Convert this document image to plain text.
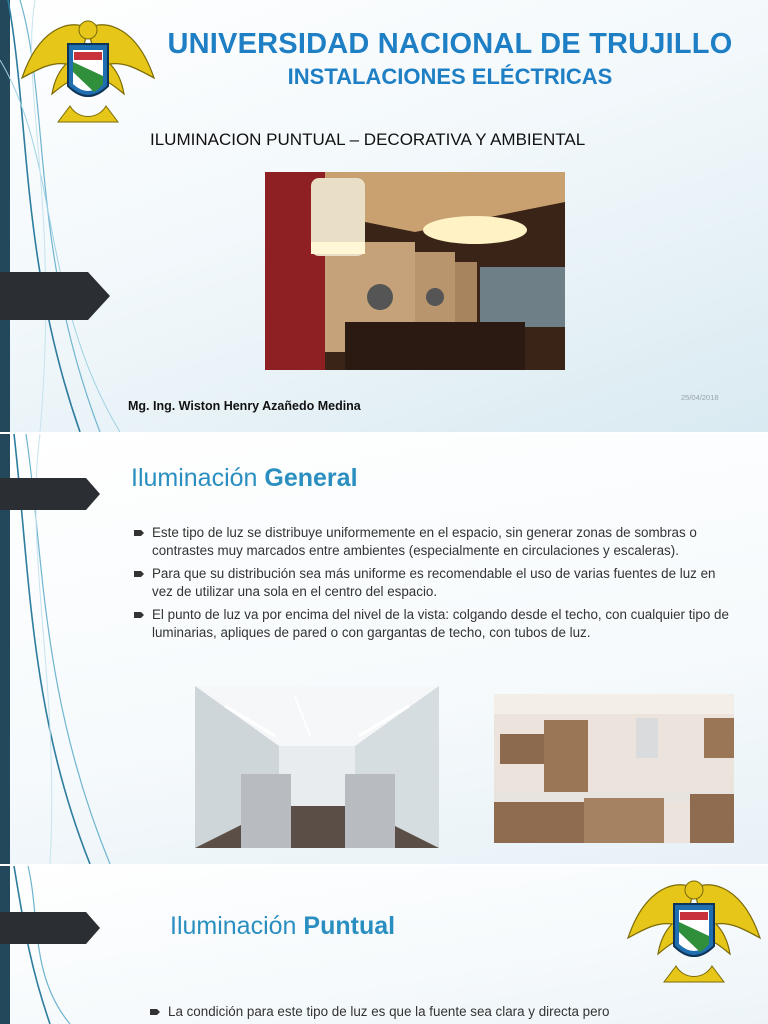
UNIVERSIDAD NACIONAL DE TRUJILLO
INSTALACIONES ELÉCTRICAS
ILUMINACION PUNTUAL – DECORATIVA Y AMBIENTAL
Mg. Ing. Wiston Henry Azañedo Medina
25/04/2018
Iluminación General
Este tipo de luz se distribuye uniformemente en el espacio, sin generar zonas de sombras o contrastes muy marcados entre ambientes (especialmente en circulaciones y escaleras).
Para que su distribución sea más uniforme es recomendable el uso de varias fuentes de luz en vez de utilizar una sola en el centro del espacio.
El punto de luz va por encima del nivel de la vista: colgando desde el techo, con cualquier tipo de luminarias, apliques de pared o con gargantas de techo, con tubos de luz.
Iluminación Puntual
La condición para este tipo de luz es que la fuente sea clara y directa pero
